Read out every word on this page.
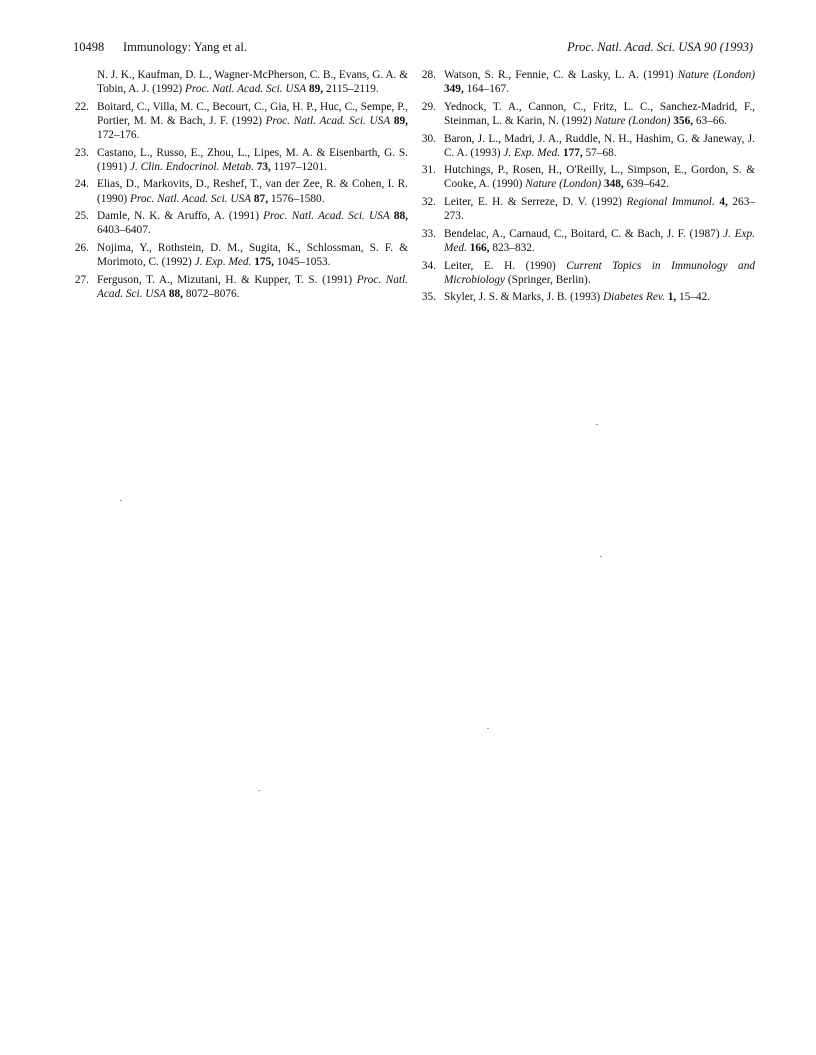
10498 Immunology: Yang et al.	Proc. Natl. Acad. Sci. USA 90 (1993)
N. J. K., Kaufman, D. L., Wagner-McPherson, C. B., Evans, G. A. & Tobin, A. J. (1992) Proc. Natl. Acad. Sci. USA 89, 2115–2119.
22. Boitard, C., Villa, M. C., Becourt, C., Gia, H. P., Huc, C., Sempe, P., Portier, M. M. & Bach, J. F. (1992) Proc. Natl. Acad. Sci. USA 89, 172–176.
23. Castano, L., Russo, E., Zhou, L., Lipes, M. A. & Eisenbarth, G. S. (1991) J. Clin. Endocrinol. Metab. 73, 1197–1201.
24. Elias, D., Markovits, D., Reshef, T., van der Zee, R. & Cohen, I. R. (1990) Proc. Natl. Acad. Sci. USA 87, 1576–1580.
25. Damle, N. K. & Aruffo, A. (1991) Proc. Natl. Acad. Sci. USA 88, 6403–6407.
26. Nojima, Y., Rothstein, D. M., Sugita, K., Schlossman, S. F. & Morimoto, C. (1992) J. Exp. Med. 175, 1045–1053.
27. Ferguson, T. A., Mizutani, H. & Kupper, T. S. (1991) Proc. Natl. Acad. Sci. USA 88, 8072–8076.
28. Watson, S. R., Fennie, C. & Lasky, L. A. (1991) Nature (London) 349, 164–167.
29. Yednock, T. A., Cannon, C., Fritz, L. C., Sanchez-Madrid, F., Steinman, L. & Karin, N. (1992) Nature (London) 356, 63–66.
30. Baron, J. L., Madri, J. A., Ruddle, N. H., Hashim, G. & Janeway, J. C. A. (1993) J. Exp. Med. 177, 57–68.
31. Hutchings, P., Rosen, H., O'Reilly, L., Simpson, E., Gordon, S. & Cooke, A. (1990) Nature (London) 348, 639–642.
32. Leiter, E. H. & Serreze, D. V. (1992) Regional Immunol. 4, 263–273.
33. Bendelac, A., Carnaud, C., Boitard, C. & Bach, J. F. (1987) J. Exp. Med. 166, 823–832.
34. Leiter, E. H. (1990) Current Topics in Immunology and Microbiology (Springer, Berlin).
35. Skyler, J. S. & Marks, J. B. (1993) Diabetes Rev. 1, 15–42.
